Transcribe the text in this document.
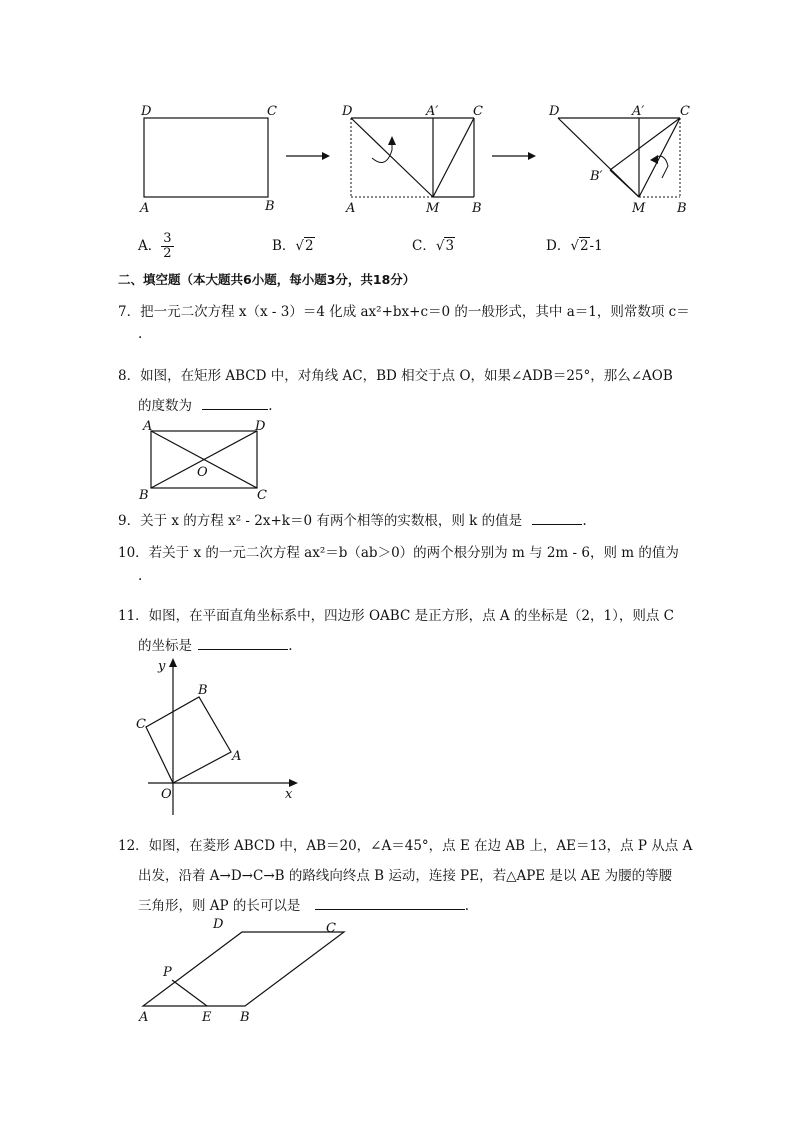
D	C
A	B
D	A′	C
A	M	B
D	A′	C
B′
M B
A． $\frac{3}{2}$	B．√2	C．√3	D．√2-1
二、填空题（本大题共6小题，每小题3分，共18分）
7．把一元二次方程 x（x - 3）＝4 化成 ax²+bx+c＝0 的一般形式，其中 a＝1，则常数项 c＝
.
8．如图，在矩形 ABCD 中，对角线 AC，BD 相交于点 O，如果∠ADB＝25°，那么∠AOB
的度数为	.
A	D
O
B	C
9．关于 x 的方程 x² - 2x+k＝0 有两个相等的实数根，则 k 的值是	.
10．若关于 x 的一元二次方程 ax²＝b（ab＞0）的两个根分别为 m 与 2m - 6，则 m 的值为
.
11．如图，在平面直角坐标系中，四边形 OABC 是正方形，点 A 的坐标是（2，1），则点 C
的坐标是	.
y
B
C
A
O	x
12．如图，在菱形 ABCD 中，AB＝20，∠A＝45°，点 E 在边 AB 上，AE＝13，点 P 从点 A
出发，沿着 A→D→C→B 的路线向终点 B 运动，连接 PE，若△APE 是以 AE 为腰的等腰
三角形，则 AP 的长可以是	.
D	C
P
A	E B
